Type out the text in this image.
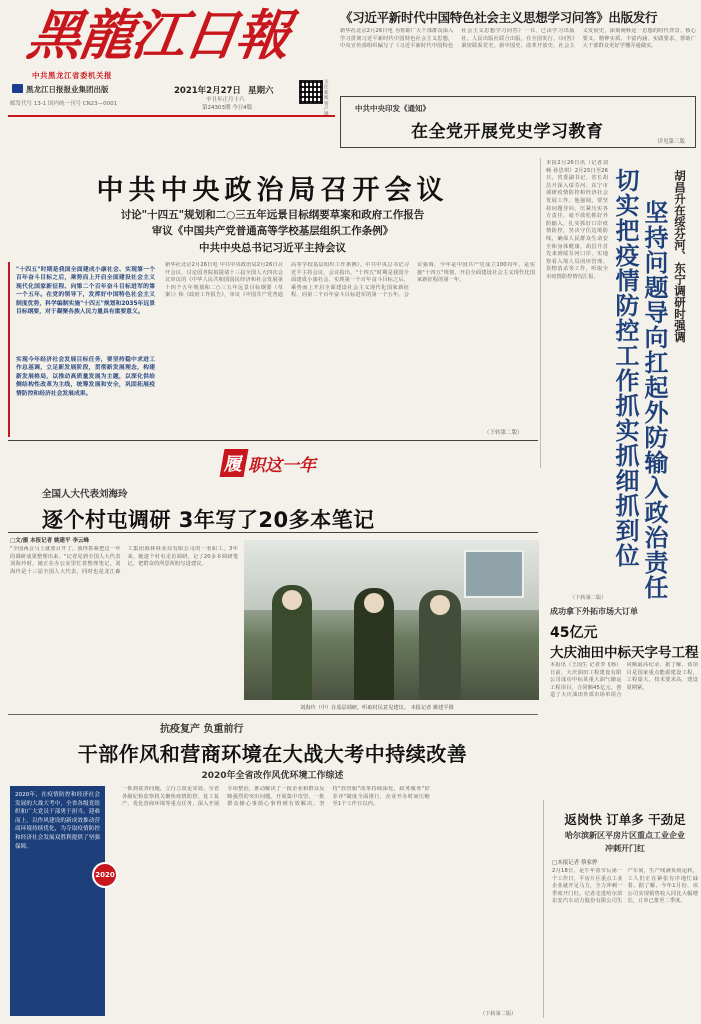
黑龍江日報
中共黑龙江省委机关报
黑龙江日报报业集团出版
邮发代号 13-1 国内统一刊号 CN23—0001
2021年2月27日 星期六
辛丑年正月十六
第24303期 今日4版
关注新闻客户
《习近平新时代中国特色社会主义思想学习问答》出版发行
新华社北京2月26日电 为帮助广大干部群众深入学习贯彻习近平新时代中国特色社会主义思想，中央宣传部组织编写了《习近平新时代中国特色社会主义思想学习问答》一书，已由学习出版社、人民出版社联合出版，在全国发行。《问答》紧密联系党史、新中国史、改革开放史、社会主义发展史，深刻阐释这一思想的时代背景、核心要义、精神实质、丰富内涵、实践要求，帮助广大干部群众更好学懂弄通做实。
中共中央印发《通知》
在全党开展党史学习教育	详见第三版
中共中央政治局召开会议
讨论"十四五"规划和二○三五年远景目标纲要草案和政府工作报告
审议《中国共产党普通高等学校基层组织工作条例》
中共中央总书记习近平主持会议
"十四五"时期是我国全面建成小康社会、实现第一个百年奋斗目标之后，乘势而上开启全面建设社会主义现代化国家新征程、向第二个百年奋斗目标进军的第一个五年。在党的领导下，发挥好中国特色社会主义制度优势，科学编制实施"十四五"规划和2035年远景目标纲要，对于凝聚各族人民力量具有重要意义。
实现今年经济社会发展目标任务，要坚持稳中求进工作总基调，立足新发展阶段，贯彻新发展理念，构建新发展格局，以推动高质量发展为主题，以深化供给侧结构性改革为主线，统筹发展和安全，巩固拓展疫情防控和经济社会发展成果。
新华社北京2月26日电 中共中央政治局2月26日召开会议，讨论国务院拟提请十三届全国人大四次会议审议的《中华人民共和国国民经济和社会发展第十四个五年规划和二○三五年远景目标纲要（草案）》和《政府工作报告》，审议《中国共产党普通高等学校基层组织工作条例》。中共中央总书记习近平主持会议。会议指出，"十四五"时期是我国全面建成小康社会、实现第一个百年奋斗目标之后，乘势而上开启全面建设社会主义现代化国家新征程、向第二个百年奋斗目标进军的第一个五年。会议强调，今年是中国共产党成立100周年，是实施"十四五"规划、开启全面建设社会主义现代化国家新征程的第一年。
（下转第二版）
本报2月26日讯（记者刘畅 孙思琪）2月25日至26日，省委副书记、省长胡昌升深入绥芬河、东宁市调研疫情防控和经济社会发展工作。他强调，要坚持问题导向，压紧压实各方责任，毫不放松抓好外防输入，扎实抓好口岸疫情防控，坚决守住边境防线，确保人民群众生命安全和身体健康。胡昌升首先来到绥芬河口岸，实地察看入境人员闭环管理、货物消杀等工作，听取全市疫情防控情况汇报。
（下转第二版）
切实把疫情防控工作抓实抓细抓到位 坚持问题导向扛起外防输入政治责任 胡昌升在绥芬河、东宁调研时强调
履 职这一年
全国人大代表刘海玲
逐个村屯调研 3年写了20多本笔记
□文/摄 本报记者 姚建平 李云峰
"全国两会马上就要召开了，我得抓紧把这一年的调研成果整理出来。"记者见到全国人大代表刘海玲时，她正在办公室里忙着整理笔记。刘海玲是十三届全国人大代表，同时也是龙江森工集团海林林业局有限公司的一名职工。3年来，她逐个村屯走访调研，记了20多本调研笔记，把群众的所思所盼写进建议。
刘海玲（中）在基层调研，听取村民意见建议。 本报记者 姚建平摄
成功拿下外拓市场大订单
45亿元
大庆油田中标天字号工程
本报讯（王国生 记者李飞杨）日前，大庆油田工程建设有限公司成功中标某重大油气储运工程项目，合同额45亿元，创造了大庆油田外部市场单项合同额最高纪录。据了解，该项目是国家重点能源建设工程，工程量大、技术要求高、建设周期紧。
抗疫复产 负重前行
干部作风和营商环境在大战大考中持续改善
2020年全省改作风优环境工作综述
2020年，在疫情防控和经济社会发展的大战大考中，全省各级党组织和广大党员干部勇于担当、迎难而上，以作风建设的新成效推动营商环境持续优化，为夺取疫情防控和经济社会发展双胜利提供了坚强保障。
2020
一抓到底查问题，立行立改见实效。全省各级纪检监察机关聚焦疫情防控、复工复产、优化营商环境等重点任务，深入开展专项整治，推动解决了一批企业和群众反映强烈的突出问题。开展集中攻坚、一批群众操心事烦心事得到有效解决。坚持"放管服"改革持续深化，政务服务"好差评"制度全面推行，企业开办时间压缩至1个工作日以内。
（下转第二版）
返岗快 订单多 干劲足
哈尔滨新区平房片区重点工业企业
冲刺开门红
□本报记者 蔡家骅
2月18日，是牛年春节后第一个工作日，平房片区重点工业企业就开足马力，全力冲刺一季度开门红。记者走进哈尔滨东安汽车动力股份有限公司生产车间，生产线满负荷运转，工人们正在紧张有序地忙碌着。据了解，今年1月份，该公司实现销售收入同比大幅增长，订单已排至二季度。
